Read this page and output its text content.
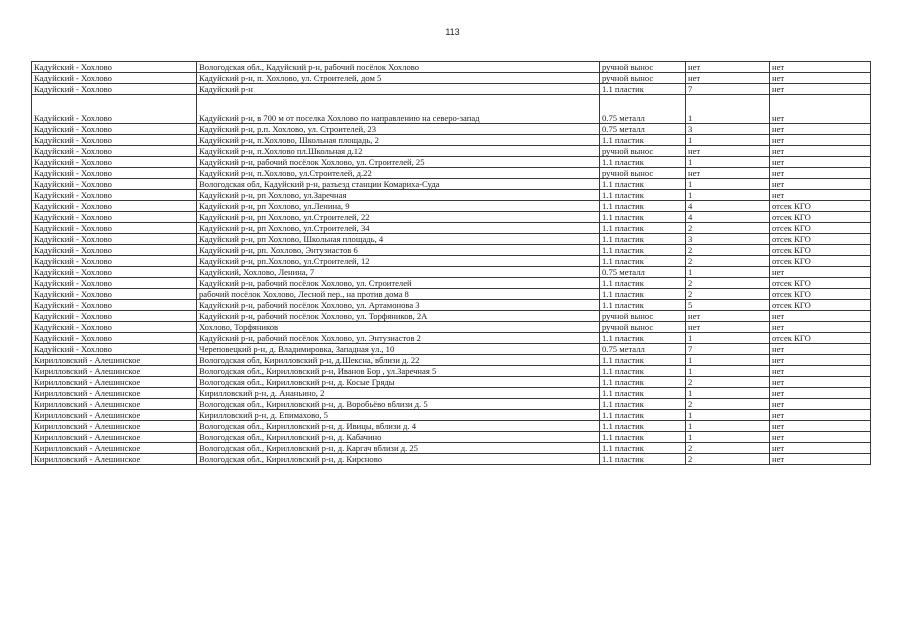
113
Кадуйский - Хохлово	Вологодская обл., Кадуйский р-н, рабочий посёлок Хохлово	ручной вынос	нет	нет
Кадуйский - Хохлово	Кадуйский р-н, п. Хохлово, ул. Строителей, дом 5	ручной вынос	нет	нет
Кадуйский - Хохлово	Кадуйский р-н	1.1 пластик	7	нет
Кадуйский - Хохлово	Кадуйский р-н, в 700 м от поселка Хохлово по направлению на северо-запад	0.75 металл	1	нет
Кадуйский - Хохлово	Кадуйский р-н, р.п. Хохлово, ул. Строителей, 23	0.75 металл	3	нет
Кадуйский - Хохлово	Кадуйский р-н, п.Хохлово, Школьная площадь, 2	1.1 пластик	1	нет
Кадуйский - Хохлово	Кадуйский р-н, п.Хохлово пл.Школьная д.12	ручной вынос	нет	нет
Кадуйский - Хохлово	Кадуйский р-н, рабочий посёлок Хохлово, ул. Строителей, 25	1.1 пластик	1	нет
Кадуйский - Хохлово	Кадуйский р-н, п.Хохлово, ул.Строителей, д.22	ручной вынос	нет	нет
Кадуйский - Хохлово	Вологодская обл, Кадуйский р-н, разъезд станции Комариха-Суда	1.1 пластик	1	нет
Кадуйский - Хохлово	Кадуйский р-н, рп Хохлово, ул.Заречная	1.1 пластик	1	нет
Кадуйский - Хохлово	Кадуйский р-н, рп Хохлово, ул.Ленина, 9	1.1 пластик	4	отсек КГО
Кадуйский - Хохлово	Кадуйский р-н, рп Хохлово, ул.Строителей, 22	1.1 пластик	4	отсек КГО
Кадуйский - Хохлово	Кадуйский р-н, рп Хохлово, ул.Строителей, 34	1.1 пластик	2	отсек КГО
Кадуйский - Хохлово	Кадуйский р-н, рп Хохлово, Школьная площадь, 4	1.1 пластик	3	отсек КГО
Кадуйский - Хохлово	Кадуйский р-н, рп. Хохлово, Энтузиастов 6	1.1 пластик	2	отсек КГО
Кадуйский - Хохлово	Кадуйский р-н, рп.Хохлово, ул.Строителей, 12	1.1 пластик	2	отсек КГО
Кадуйский - Хохлово	Кадуйский, Хохлово, Ленина, 7	0.75 металл	1	нет
Кадуйский - Хохлово	Кадуйский р-н, рабочий посёлок Хохлово, ул. Строителей	1.1 пластик	2	отсек КГО
Кадуйский - Хохлово	рабочий посёлок Хохлово, Лесной пер., на против дома 8	1.1 пластик	2	отсек КГО
Кадуйский - Хохлово	Кадуйский р-н, рабочий посёлок Хохлово, ул. Артамонова 3	1.1 пластик	5	отсек КГО
Кадуйский - Хохлово	Кадуйский р-н, рабочий посёлок Хохлово, ул. Торфяников, 2А	ручной вынос	нет	нет
Кадуйский - Хохлово	Хохлово, Торфяников	ручной вынос	нет	нет
Кадуйский - Хохлово	Кадуйский р-н, рабочий посёлок Хохлово, ул. Энтузиастов 2	1.1 пластик	1	отсек КГО
Кадуйский - Хохлово	Череповецкий р-н, д. Владимировка, Западная ул., 10	0.75 металл	7	нет
Кирилловский - Алешинское	Вологодская обл, Кирилловский р-н, д.Шексна, вблизи д. 22	1.1 пластик	1	нет
Кирилловский - Алешинское	Вологодская обл., Кирилловский р-н, Иванов Бор , ул.Заречная 5	1.1 пластик	1	нет
Кирилловский - Алешинское	Вологодская обл., Кирилловский р-н, д. Косые Гряды	1.1 пластик	2	нет
Кирилловский - Алешинское	Кирилловский р-н, д. Ананьино, 2	1.1 пластик	1	нет
Кирилловский - Алешинское	Вологодская обл., Кирилловский р-н, д. Воробьёво вблизи д. 5	1.1 пластик	2	нет
Кирилловский - Алешинское	Кирилловский р-н, д. Епимахово, 5	1.1 пластик	1	нет
Кирилловский - Алешинское	Вологодская обл., Кирилловский р-н, д. Ивицы, вблизи д. 4	1.1 пластик	1	нет
Кирилловский - Алешинское	Вологодская обл., Кирилловский р-н, д. Кабачино	1.1 пластик	1	нет
Кирилловский - Алешинское	Вологодская обл., Кирилловский р-н, д. Каргач вблизи д. 25	1.1 пластик	2	нет
Кирилловский - Алешинское	Вологодская обл., Кирилловский р-н, д. Кирсново	1.1 пластик	2	нет
